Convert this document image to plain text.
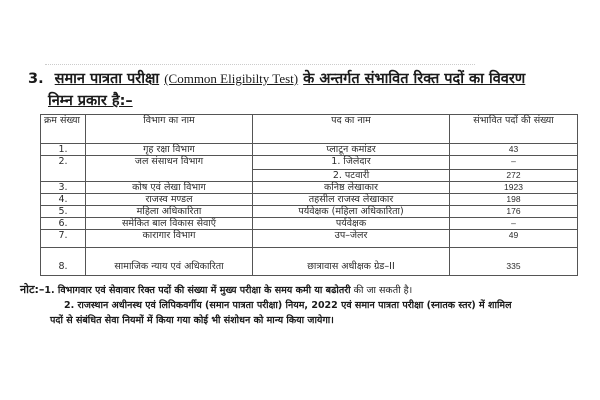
3. समान पात्रता परीक्षा (Common Eligibilty Test) के अन्तर्गत संभावित रिक्त पदों का विवरण
निम्न प्रकार है:–
क्रम संख्या	विभाग का नाम	पद का नाम	संभावित पदों की संख्या
1.	गृह रक्षा विभाग	प्लाटून कमांडर	43
2.	जल संसाधन विभाग	1. जिलेदार	–
		2. पटवारी	272
3.	कोष एवं लेखा विभाग	कनिष्ठ लेखाकार	1923
4.	राजस्व मण्डल	तहसील राजस्व लेखाकार	198
5.	महिला अधिकारिता	पर्यवेक्षक (महिला अधिकारिता)	176
6.	समेकित बाल विकास सेवाएँ	पर्यवेक्षक	–
7.	कारागार विभाग	उप–जेलर	49
8.	सामाजिक न्याय एवं अधिकारिता	छात्रावास अधीक्षक ग्रेड–II	335
नोट:–1. विभागवार एवं सेवावार रिक्त पदों की संख्या में मुख्य परीक्षा के समय कमी या बढोतरी की जा सकती है।
2. राजस्थान अधीनस्थ एवं लिपिकवर्गीय (समान पात्रता परीक्षा) नियम, 2022 एवं समान पात्रता परीक्षा (स्नातक स्तर) में शामिल
पदों से संबंधित सेवा नियमों में किया गया कोई भी संशोधन को मान्य किया जायेगा।
